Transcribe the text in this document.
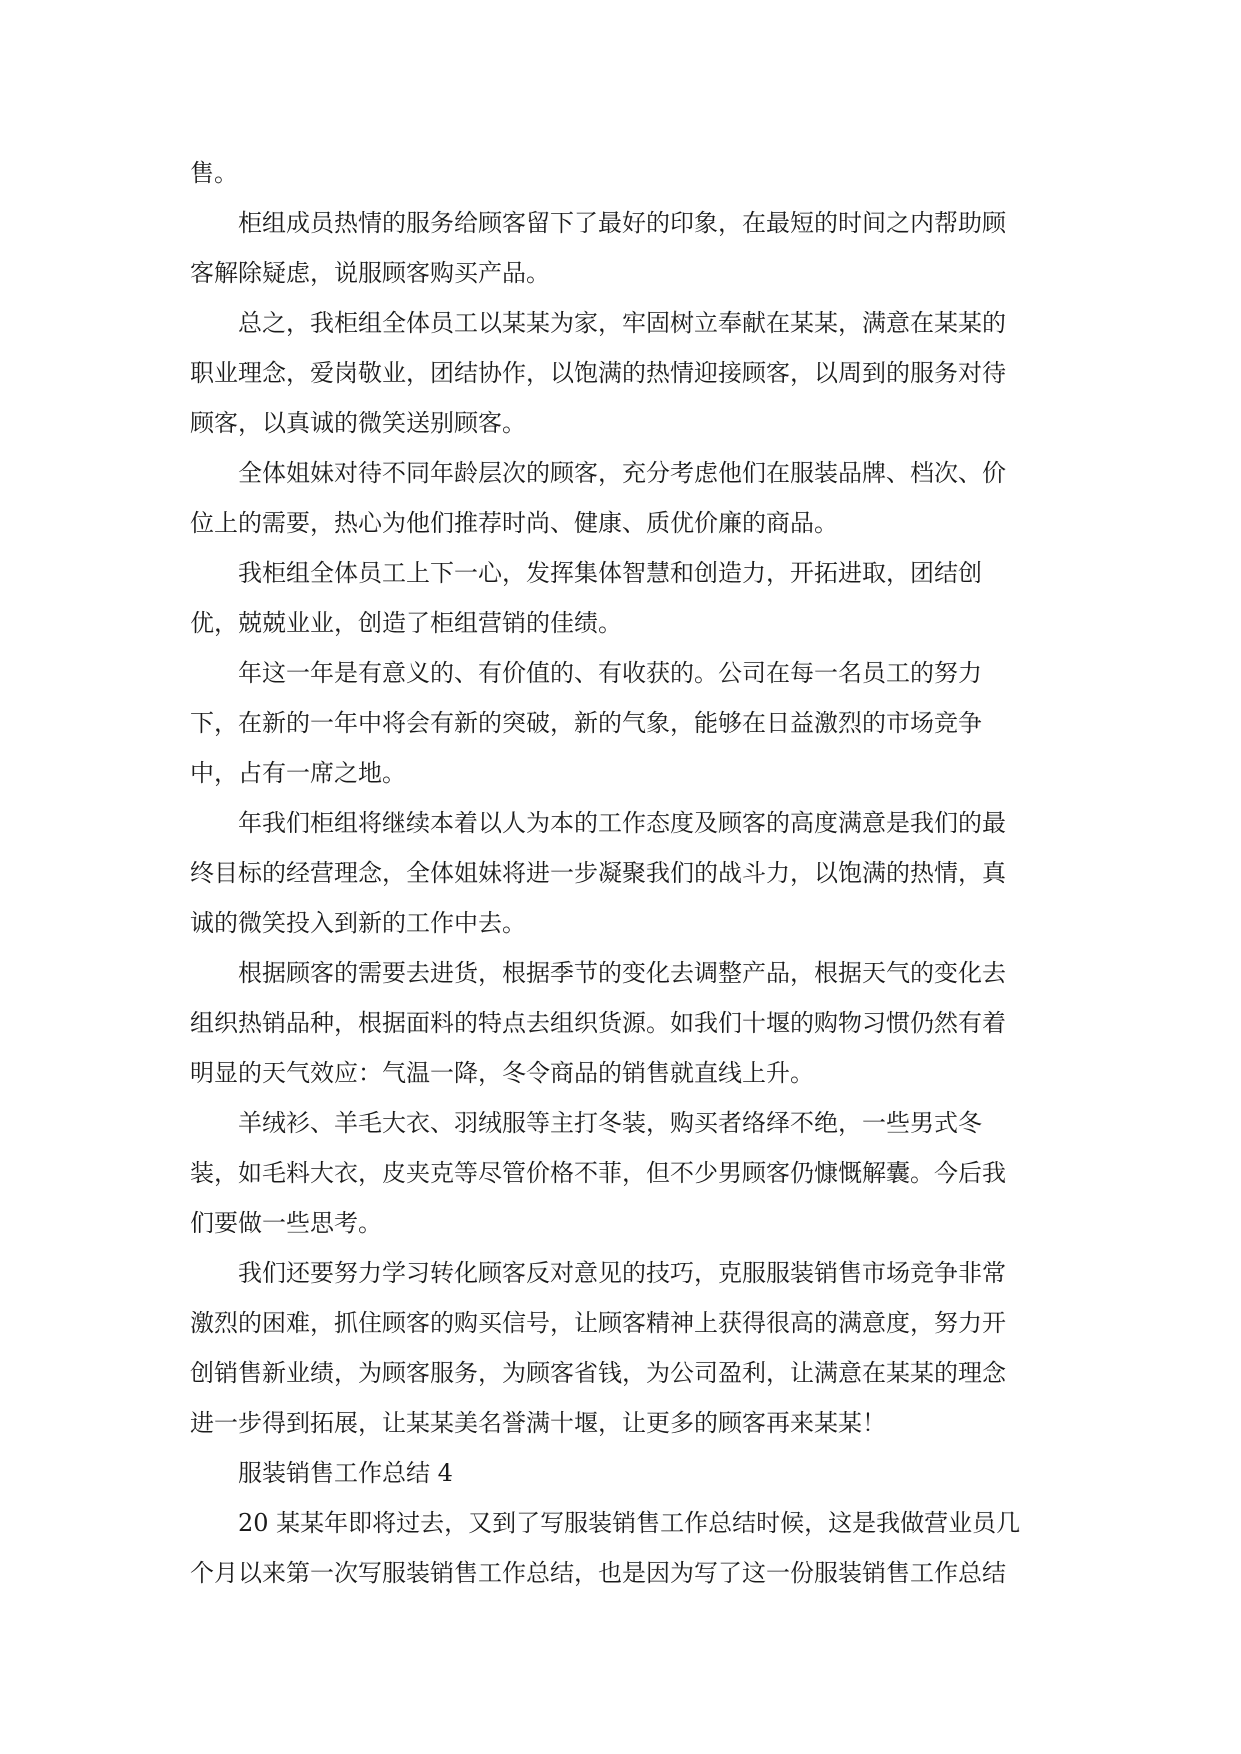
售。
柜组成员热情的服务给顾客留下了最好的印象，在最短的时间之内帮助顾
客解除疑虑，说服顾客购买产品。
总之，我柜组全体员工以某某为家，牢固树立奉献在某某，满意在某某的
职业理念，爱岗敬业，团结协作，以饱满的热情迎接顾客，以周到的服务对待
顾客，以真诚的微笑送别顾客。
全体姐妹对待不同年龄层次的顾客，充分考虑他们在服装品牌、档次、价
位上的需要，热心为他们推荐时尚、健康、质优价廉的商品。
我柜组全体员工上下一心，发挥集体智慧和创造力，开拓进取，团结创
优，兢兢业业，创造了柜组营销的佳绩。
年这一年是有意义的、有价值的、有收获的。公司在每一名员工的努力
下，在新的一年中将会有新的突破，新的气象，能够在日益激烈的市场竞争
中，占有一席之地。
年我们柜组将继续本着以人为本的工作态度及顾客的高度满意是我们的最
终目标的经营理念，全体姐妹将进一步凝聚我们的战斗力，以饱满的热情，真
诚的微笑投入到新的工作中去。
根据顾客的需要去进货，根据季节的变化去调整产品，根据天气的变化去
组织热销品种，根据面料的特点去组织货源。如我们十堰的购物习惯仍然有着
明显的天气效应：气温一降，冬令商品的销售就直线上升。
羊绒衫、羊毛大衣、羽绒服等主打冬装，购买者络绎不绝，一些男式冬
装，如毛料大衣，皮夹克等尽管价格不菲，但不少男顾客仍慷慨解囊。今后我
们要做一些思考。
我们还要努力学习转化顾客反对意见的技巧，克服服装销售市场竞争非常
激烈的困难，抓住顾客的购买信号，让顾客精神上获得很高的满意度，努力开
创销售新业绩，为顾客服务，为顾客省钱，为公司盈利，让满意在某某的理念
进一步得到拓展，让某某美名誉满十堰，让更多的顾客再来某某！
服装销售工作总结 4
20 某某年即将过去，又到了写服装销售工作总结时候，这是我做营业员几
个月以来第一次写服装销售工作总结，也是因为写了这一份服装销售工作总结
